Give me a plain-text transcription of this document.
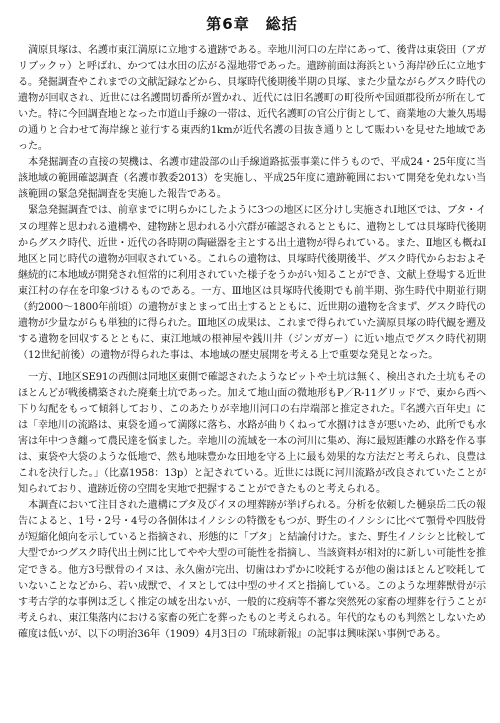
第6章 総括

満原貝塚は、名護市東江満原に立地する遺跡である。幸地川河口の左岸にあって、後背は東袋田（アガリブックヮ）と呼ばれ、かつては水田の広がる湿地帯であった。遺跡前面は海浜という海岸砂丘に立地する。発掘調査やこれまでの文献記録などから、貝塚時代後期後半期の貝塚、また少量ながらグスク時代の遺物が回収され、近世には名護間切番所が置かれ、近代には旧名護町の町役所や国頭郡役所が所在していた。特に今回調査地となった市道山手線の一帯は、近代名護町の官公庁街として、商業地の大兼久馬場の通りと合わせて海岸線と並行する東西約1kmが近代名護の目抜き通りとして賑わいを見せた地域であった。

本発掘調査の直接の契機は、名護市建設部の山手線道路拡張事業に伴うもので、平成24・25年度に当該地域の範囲確認調査（名護市教委2013）を実施し、平成25年度に遺跡範囲において開発を免れない当該範囲の緊急発掘調査を実施した報告である。

緊急発掘調査では、前章までに明らかにしたように3つの地区に区分けし実施されⅠ地区では、ブタ・イヌの埋葬と思われる遺構や、建物跡と思われる小穴群が確認されるとともに、遺物としては貝塚時代後期からグスク時代、近世・近代の各時期の陶磁器を主とする出土遺物が得られている。また、Ⅱ地区も概ねⅠ地区と同じ時代の遺物が回収されている。これらの遺物は、貝塚時代後期後半、グスク時代からおおよそ継続的に本地域が開発され恒常的に利用されていた様子をうかがい知ることができ、文献上登場する近世東江村の存在を印象づけるものである。一方、Ⅲ地区は貝塚時代後期でも前半期、弥生時代中期並行期（約2000～1800年前頃）の遺物がまとまって出土するとともに、近世期の遺物を含まず、グスク時代の遺物が少量ながらも単独的に得られた。Ⅲ地区の成果は、これまで得られていた満原貝塚の時代観を遡及する遺物を回収するとともに、東江地域の根神屋や銭川井（ジンガガー）に近い地点でグスク時代初期（12世紀前後）の遺物が得られた事は、本地域の歴史展開を考える上で重要な発見となった。

一方、Ⅰ地区SE91の西側は同地区東側で確認されたようなピットや土坑は無く、検出された土坑もそのほとんどが戦後構築された廃棄土坑であった。加えて地山面の微地形もP／R-11グリッドで、東から西へ下り勾配をもって傾斜しており、このあたりが幸地川河口の右岸端部と推定された。『名護六百年史』には「幸地川の流路は、東袋を通って満隊に落ち、水路が曲りくねって水捌けはきが悪いため、此所でも水害は年中つき纏って農民達を悩ました。幸地川の流域を一本の河川に集め、海に最短距離の水路を作る事は、東袋や大袋のような低地で、然も地味豊かな田地を守る上に最も効果的な方法だと考えられ、良豊はこれを決行した。」（比嘉1958：13p）と記されている。近世には既に河川流路が改良されていたことが知られており、遺跡近傍の空間を実地で把握することができたものと考えられる。

本調査において注目された遺構にブタ及びイヌの埋葬跡が挙げられる。分析を依頼した樋泉岳二氏の報告によると、1号・2号・4号の各個体はイノシシの特徴をもつが、野生のイノシシに比べて顎骨や四肢骨が短縮化傾向を示していると指摘され、形態的に「ブタ」と結論付けた。また、野生イノシシと比較して大型でかつグスク時代出土例に比してやや大型の可能性を指摘し、当該資料が相対的に新しい可能性を推定できる。他方3号獣骨のイヌは、永久歯が完出、切歯はわずかに咬耗するが他の歯はほとんど咬耗していないことなどから、若い成獣で、イヌとしては中型のサイズと指摘している。このような埋葬獣骨が示す考古学的な事例は乏しく推定の域を出ないが、一般的に疫病等不審な突然死の家畜の埋葬を行うことが考えられ、東江集落内における家畜の死亡を葬ったものと考えられる。年代的なものも判然としないため確度は低いが、以下の明治36年（1909）4月3日の『琉球新報』の記事は興味深い事例である。
